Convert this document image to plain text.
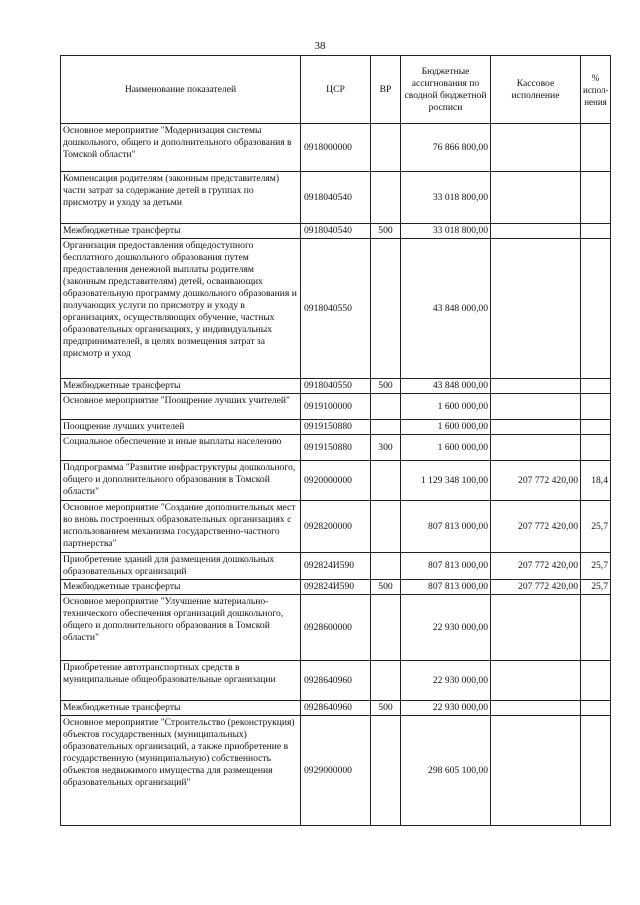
38
Наименование показателей	ЦСР	ВР	Бюджетные ассигнования по сводной бюджетной росписи	Кассовое исполнение	% испол- нения
Основное мероприятие "Модернизация системы дошкольного, общего и дополнительного образования в Томской области"	0918000000		76 866 800,00		
Компенсация родителям (законным представителям) части затрат за содержание детей в группах по присмотру и уходу за детьми	0918040540		33 018 800,00		
Межбюджетные трансферты	0918040540	500	33 018 800,00		
Организация предоставления общедоступного бесплатного дошкольного образования путем предоставления денежной выплаты родителям (законным представителям) детей, осваивающих образовательную программу дошкольного образования и получающих услуги по присмотру и уходу в организациях, осуществляющих обучение, частных образовательных организациях, у индивидуальных предпринимателей, в целях возмещения затрат за присмотр и уход	0918040550		43 848 000,00		
Межбюджетные трансферты	0918040550	500	43 848 000,00		
Основное мероприятие "Поощрение лучших учителей"	0919100000		1 600 000,00		
Поощрение лучших учителей	0919150880		1 600 000,00		
Социальное обеспечение и иные выплаты населению	0919150880	300	1 600 000,00		
Подпрограмма "Развитие инфраструктуры дошкольного, общего и дополнительного образования в Томской области"	0920000000		1 129 348 100,00	207 772 420,00	18,4
Основное мероприятие "Создание дополнительных мест во вновь построенных образовательных организациях с использованием механизма государственно-частного партнерства"	0928200000		807 813 000,00	207 772 420,00	25,7
Приобретение зданий для размещения дошкольных образовательных организаций	092824И590		807 813 000,00	207 772 420,00	25,7
Межбюджетные трансферты	092824И590	500	807 813 000,00	207 772 420,00	25,7
Основное мероприятие "Улучшение материально-технического обеспечения организаций дошкольного, общего и дополнительного образования в Томской области"	0928600000		22 930 000,00		
Приобретение автотранспортных средств в муниципальные общеобразовательные организации	0928640960		22 930 000,00		
Межбюджетные трансферты	0928640960	500	22 930 000,00		
Основное мероприятие "Строительство (реконструкция) объектов государственных (муниципальных) образовательных организаций, а также приобретение в государственную (муниципальную) собственность объектов недвижимого имущества для размещения образовательных организаций"	0929000000		298 605 100,00		
